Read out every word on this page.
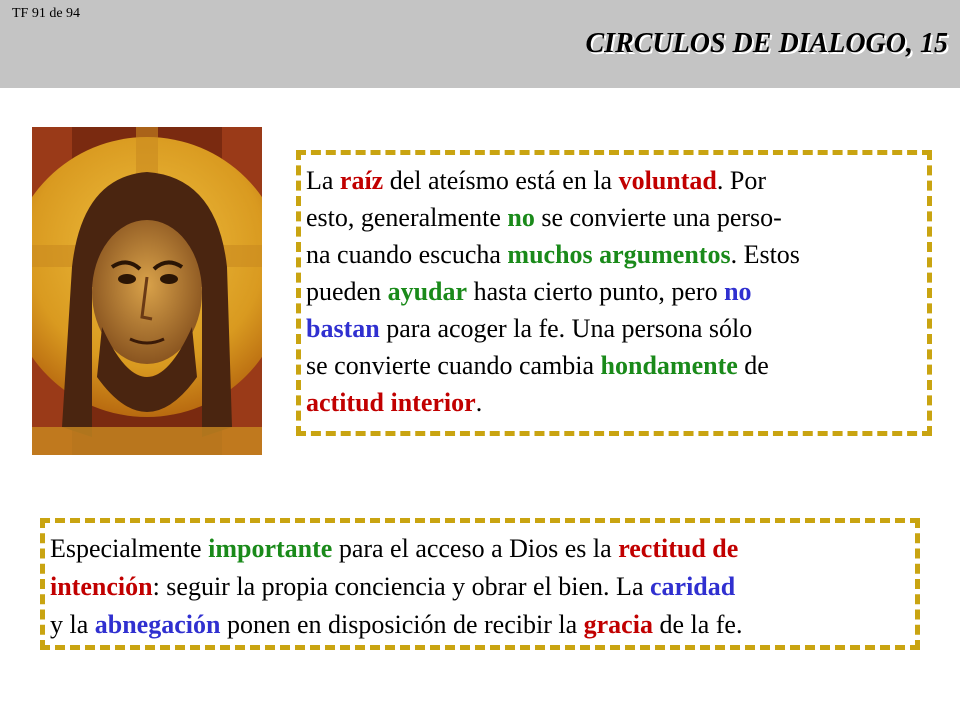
TF 91 de 94
CIRCULOS DE DIALOGO, 15
La raíz del ateísmo está en la voluntad. Por
esto, generalmente no se convierte una perso-
na cuando escucha muchos argumentos. Estos
pueden ayudar hasta cierto punto, pero no
bastan para acoger la fe. Una persona sólo
se convierte cuando cambia hondamente de
actitud interior.
Especialmente importante para el acceso a Dios es la rectitud de
intención: seguir la propia conciencia y obrar el bien. La caridad
y la abnegación ponen en disposición de recibir la gracia de la fe.
